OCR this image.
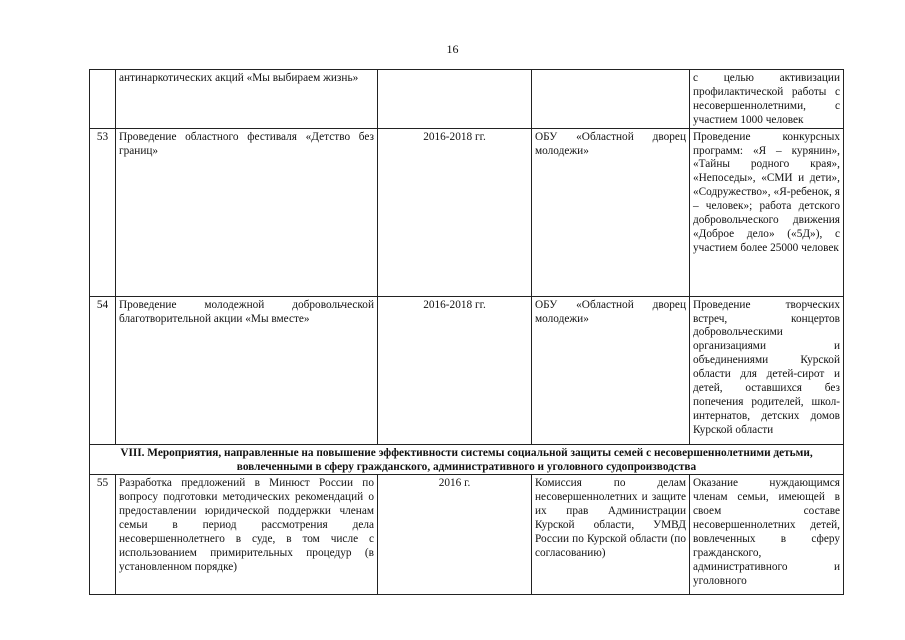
16
	антинаркотических акций «Мы выбираем жизнь»			с целью активизации профилактической работы с несовершеннолетними, с участием 1000 человек
53	Проведение областного фестиваля «Детство без границ»	2016-2018 гг.	ОБУ «Областной дворец молодежи»	Проведение конкурсных программ: «Я – курянин», «Тайны родного края», «Непоседы», «СМИ и дети», «Содружество», «Я-ребенок, я – человек»; работа детского добровольческого движения «Доброе дело» («5Д»), с участием более 25000 человек
54	Проведение молодежной добровольческой благотворительной акции «Мы вместе»	2016-2018 гг.	ОБУ «Областной дворец молодежи»	Проведение творческих встреч, концертов добровольческими организациями и объединениями Курской области для детей-сирот и детей, оставшихся без попечения родителей, школ-интернатов, детских домов Курской области

VIII. Мероприятия, направленные на повышение эффективности системы социальной защиты семей с несовершеннолетними детьми,
вовлеченными в сферу гражданского, административного и уголовного судопроизводства				

55	Разработка предложений в Минюст России по вопросу подготовки методических рекомендаций о предоставлении юридической поддержки членам семьи в период рассмотрения дела несовершеннолетнего в суде, в том числе с использованием примирительных процедур (в установленном порядке)	2016 г.	Комиссия по делам несовершеннолетних и защите их прав Администрации Курской области, УМВД России по Курской области (по согласованию)	Оказание нуждающимся членам семьи, имеющей в своем составе несовершеннолетних детей, вовлеченных в сферу гражданского, административного и уголовного
